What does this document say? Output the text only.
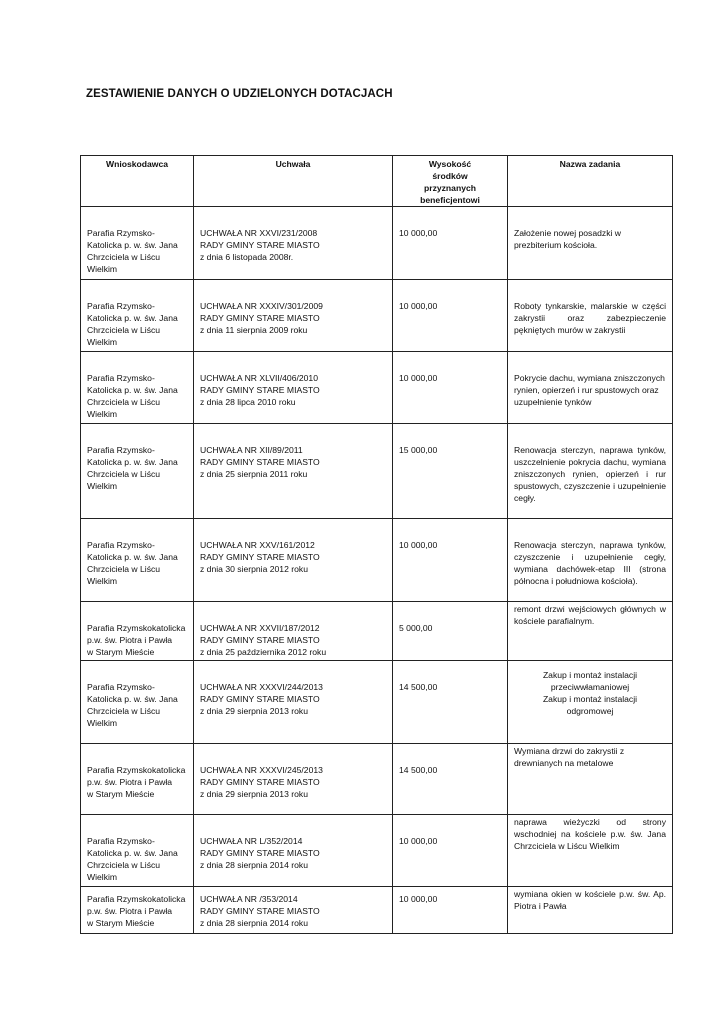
ZESTAWIENIE DANYCH O UDZIELONYCH DOTACJACH
Wnioskodawca	Uchwała	Wysokość środków przyznanych beneficjentowi	Nazwa zadania
Parafia Rzymsko-
Katolicka p. w. św. Jana
Chrzciciela w Liścu
Wielkim	UCHWAŁA NR XXVI/231/2008
RADY GMINY STARE MIASTO
z dnia 6 listopada 2008r.	10 000,00	Założenie nowej posadzki w prezbiterium kościoła.
Parafia Rzymsko-
Katolicka p. w. św. Jana
Chrzciciela w Liścu
Wielkim	UCHWAŁA NR XXXIV/301/2009
RADY GMINY STARE MIASTO
z dnia 11 sierpnia 2009 roku	10 000,00	Roboty tynkarskie, malarskie w części zakrystii oraz zabezpieczenie pękniętych murów w zakrystii
Parafia Rzymsko-
Katolicka p. w. św. Jana
Chrzciciela w Liścu
Wielkim	UCHWAŁA NR XLVII/406/2010
RADY GMINY STARE MIASTO
z dnia 28 lipca 2010 roku	10 000,00	Pokrycie dachu, wymiana zniszczonych rynien, opierzeń i rur spustowych oraz uzupełnienie tynków
Parafia Rzymsko-
Katolicka p. w. św. Jana
Chrzciciela w Liścu
Wielkim	UCHWAŁA NR XII/89/2011
RADY GMINY STARE MIASTO
z dnia 25 sierpnia 2011 roku	15 000,00	Renowacja sterczyn, naprawa tynków, uszczelnienie pokrycia dachu, wymiana zniszczonych rynien, opierzeń i rur spustowych, czyszczenie i uzupełnienie cegły.
Parafia Rzymsko-
Katolicka p. w. św. Jana
Chrzciciela w Liścu
Wielkim	UCHWAŁA NR XXV/161/2012
RADY GMINY STARE MIASTO
z dnia 30 sierpnia 2012 roku	10 000,00	Renowacja sterczyn, naprawa tynków, czyszczenie i uzupełnienie cegły, wymiana dachówek-etap III (strona północna i południowa kościoła).
Parafia Rzymskokatolicka
p.w. św. Piotra i Pawła
w Starym Mieście	UCHWAŁA NR XXVII/187/2012
RADY GMINY STARE MIASTO
z dnia 25 października 2012 roku	5 000,00	remont drzwi wejściowych głównych w kościele parafialnym.
Parafia Rzymsko-
Katolicka p. w. św. Jana
Chrzciciela w Liścu
Wielkim	UCHWAŁA NR XXXVI/244/2013
RADY GMINY STARE MIASTO
z dnia 29 sierpnia 2013 roku	14 500,00	Zakup i montaż instalacji
przeciwwłamaniowej
Zakup i montaż instalacji
odgromowej
Parafia Rzymskokatolicka
p.w. św. Piotra i Pawła
w Starym Mieście	UCHWAŁA NR XXXVI/245/2013
RADY GMINY STARE MIASTO
z dnia 29 sierpnia 2013 roku	14 500,00	Wymiana drzwi do zakrystii z
drewnianych na metalowe
Parafia Rzymsko-
Katolicka p. w. św. Jana
Chrzciciela w Liścu
Wielkim	UCHWAŁA NR L/352/2014
RADY GMINY STARE MIASTO
z dnia 28 sierpnia 2014 roku	10 000,00	naprawa wieżyczki od strony wschodniej na kościele p.w. św. Jana Chrzciciela w Liścu Wielkim
Parafia Rzymskokatolicka
p.w. św. Piotra i Pawła
w Starym Mieście	UCHWAŁA NR /353/2014
RADY GMINY STARE MIASTO
z dnia 28 sierpnia 2014 roku	10 000,00	wymiana okien w kościele p.w. św. Ap. Piotra i Pawła
